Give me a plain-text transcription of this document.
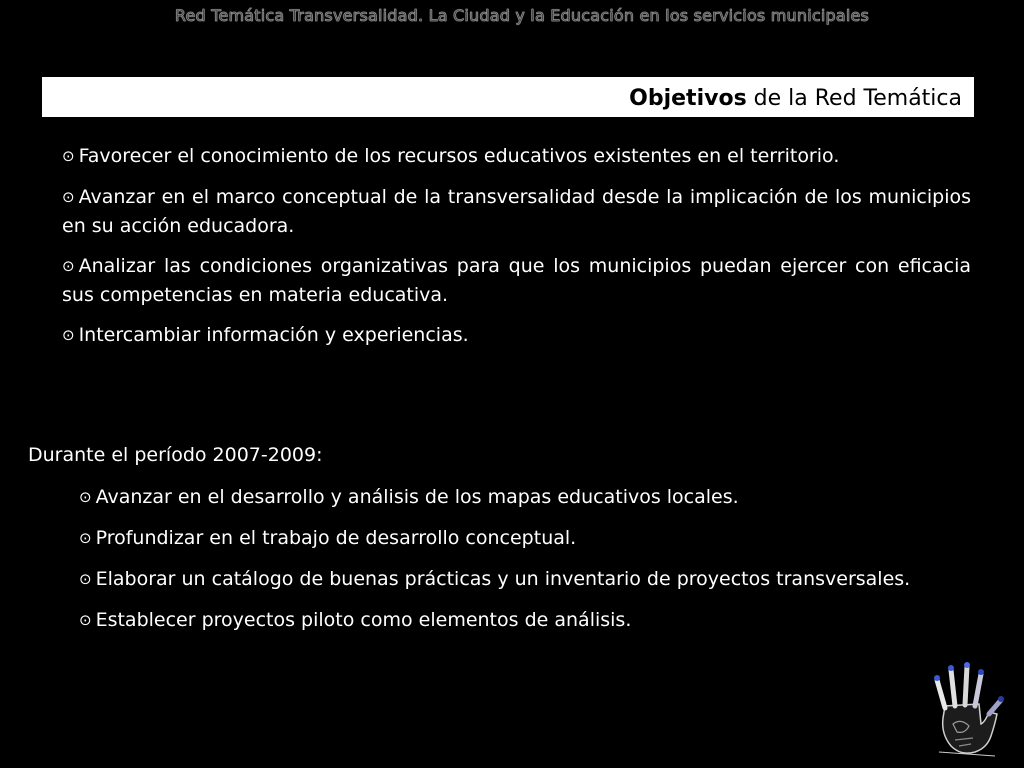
Red Temática Transversalidad. La Ciudad y la Educación en los servicios municipales
Objetivos de la Red Temática
⊙Favorecer el conocimiento de los recursos educativos existentes en el territorio.
⊙Avanzar en el marco conceptual de la transversalidad desde la implicación de los municipios en su acción educadora.
⊙Analizar las condiciones organizativas para que los municipios puedan ejercer con eficacia sus competencias en materia educativa.
⊙Intercambiar información y experiencias.
Durante el período 2007-2009:
⊙Avanzar en el desarrollo y análisis de los mapas educativos locales.
⊙Profundizar en el trabajo de desarrollo conceptual.
⊙Elaborar un catálogo de buenas prácticas y un inventario de proyectos transversales.
⊙Establecer proyectos piloto como elementos de análisis.
